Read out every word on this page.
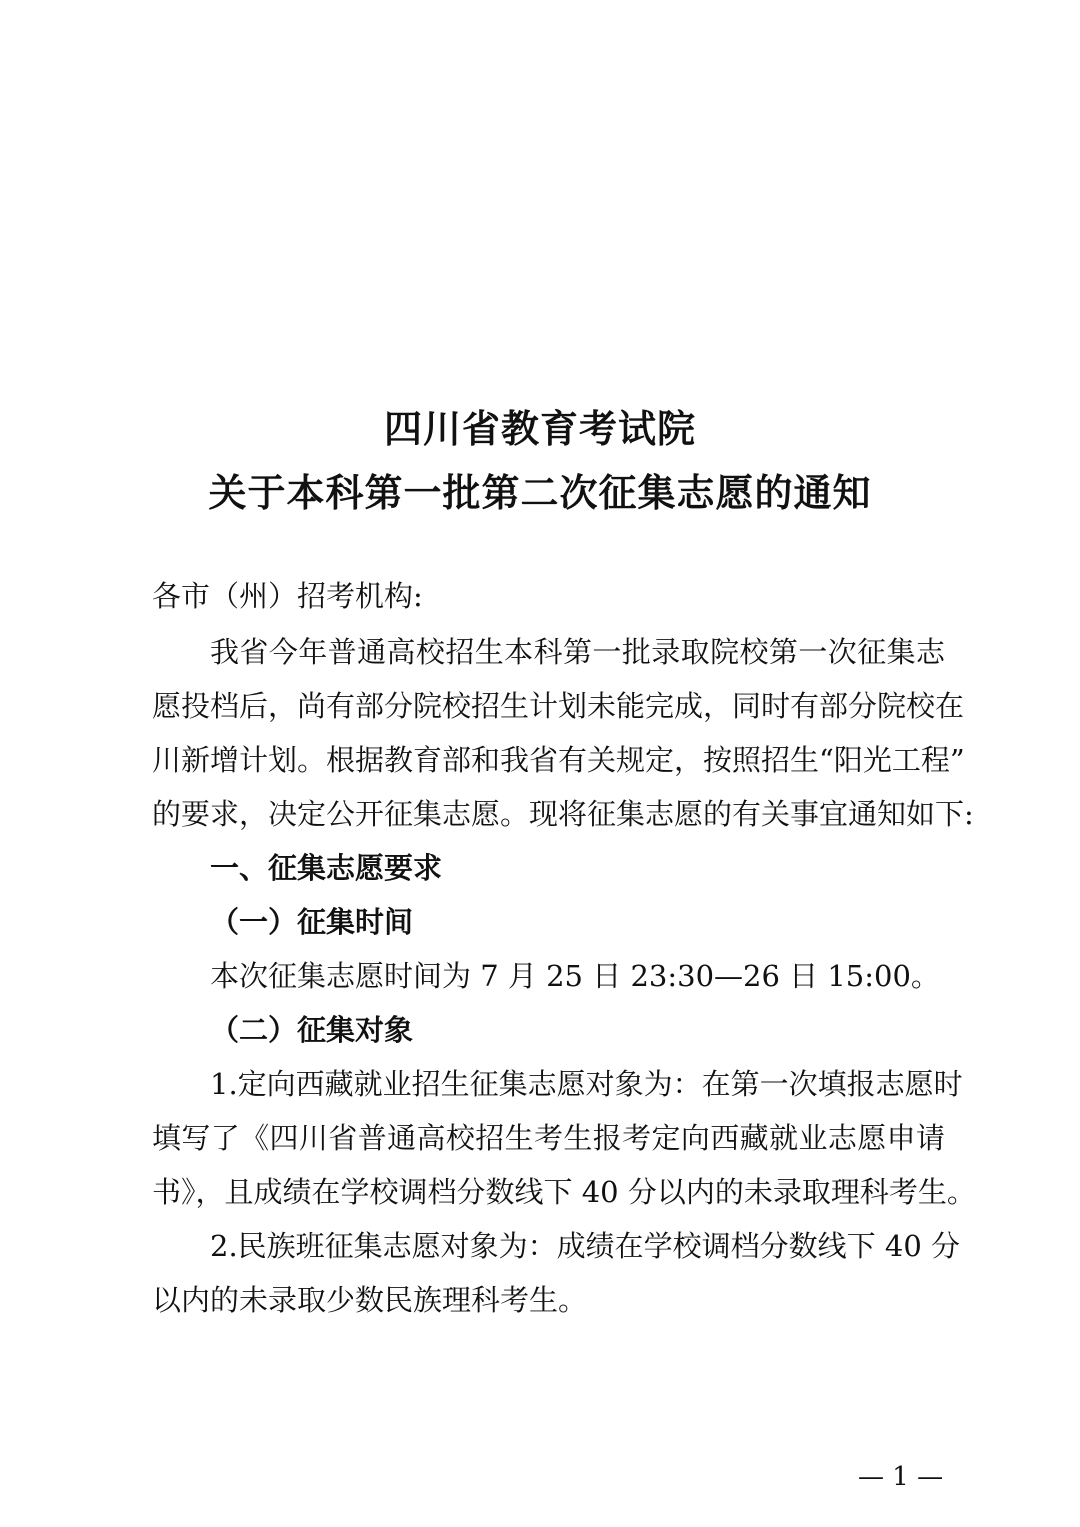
四川省教育考试院
关于本科第一批第二次征集志愿的通知
各市（州）招考机构:
我省今年普通高校招生本科第一批录取院校第一次征集志
愿投档后，尚有部分院校招生计划未能完成，同时有部分院校在
川新增计划。根据教育部和我省有关规定，按照招生“阳光工程”
的要求，决定公开征集志愿。现将征集志愿的有关事宜通知如下:
一、征集志愿要求
（一）征集时间
本次征集志愿时间为 7 月 25 日 23:30—26 日 15:00。
（二）征集对象
1.定向西藏就业招生征集志愿对象为：在第一次填报志愿时
填写了《四川省普通高校招生考生报考定向西藏就业志愿申请
书》，且成绩在学校调档分数线下 40 分以内的未录取理科考生。
2.民族班征集志愿对象为：成绩在学校调档分数线下 40 分
以内的未录取少数民族理科考生。
— 1 —
